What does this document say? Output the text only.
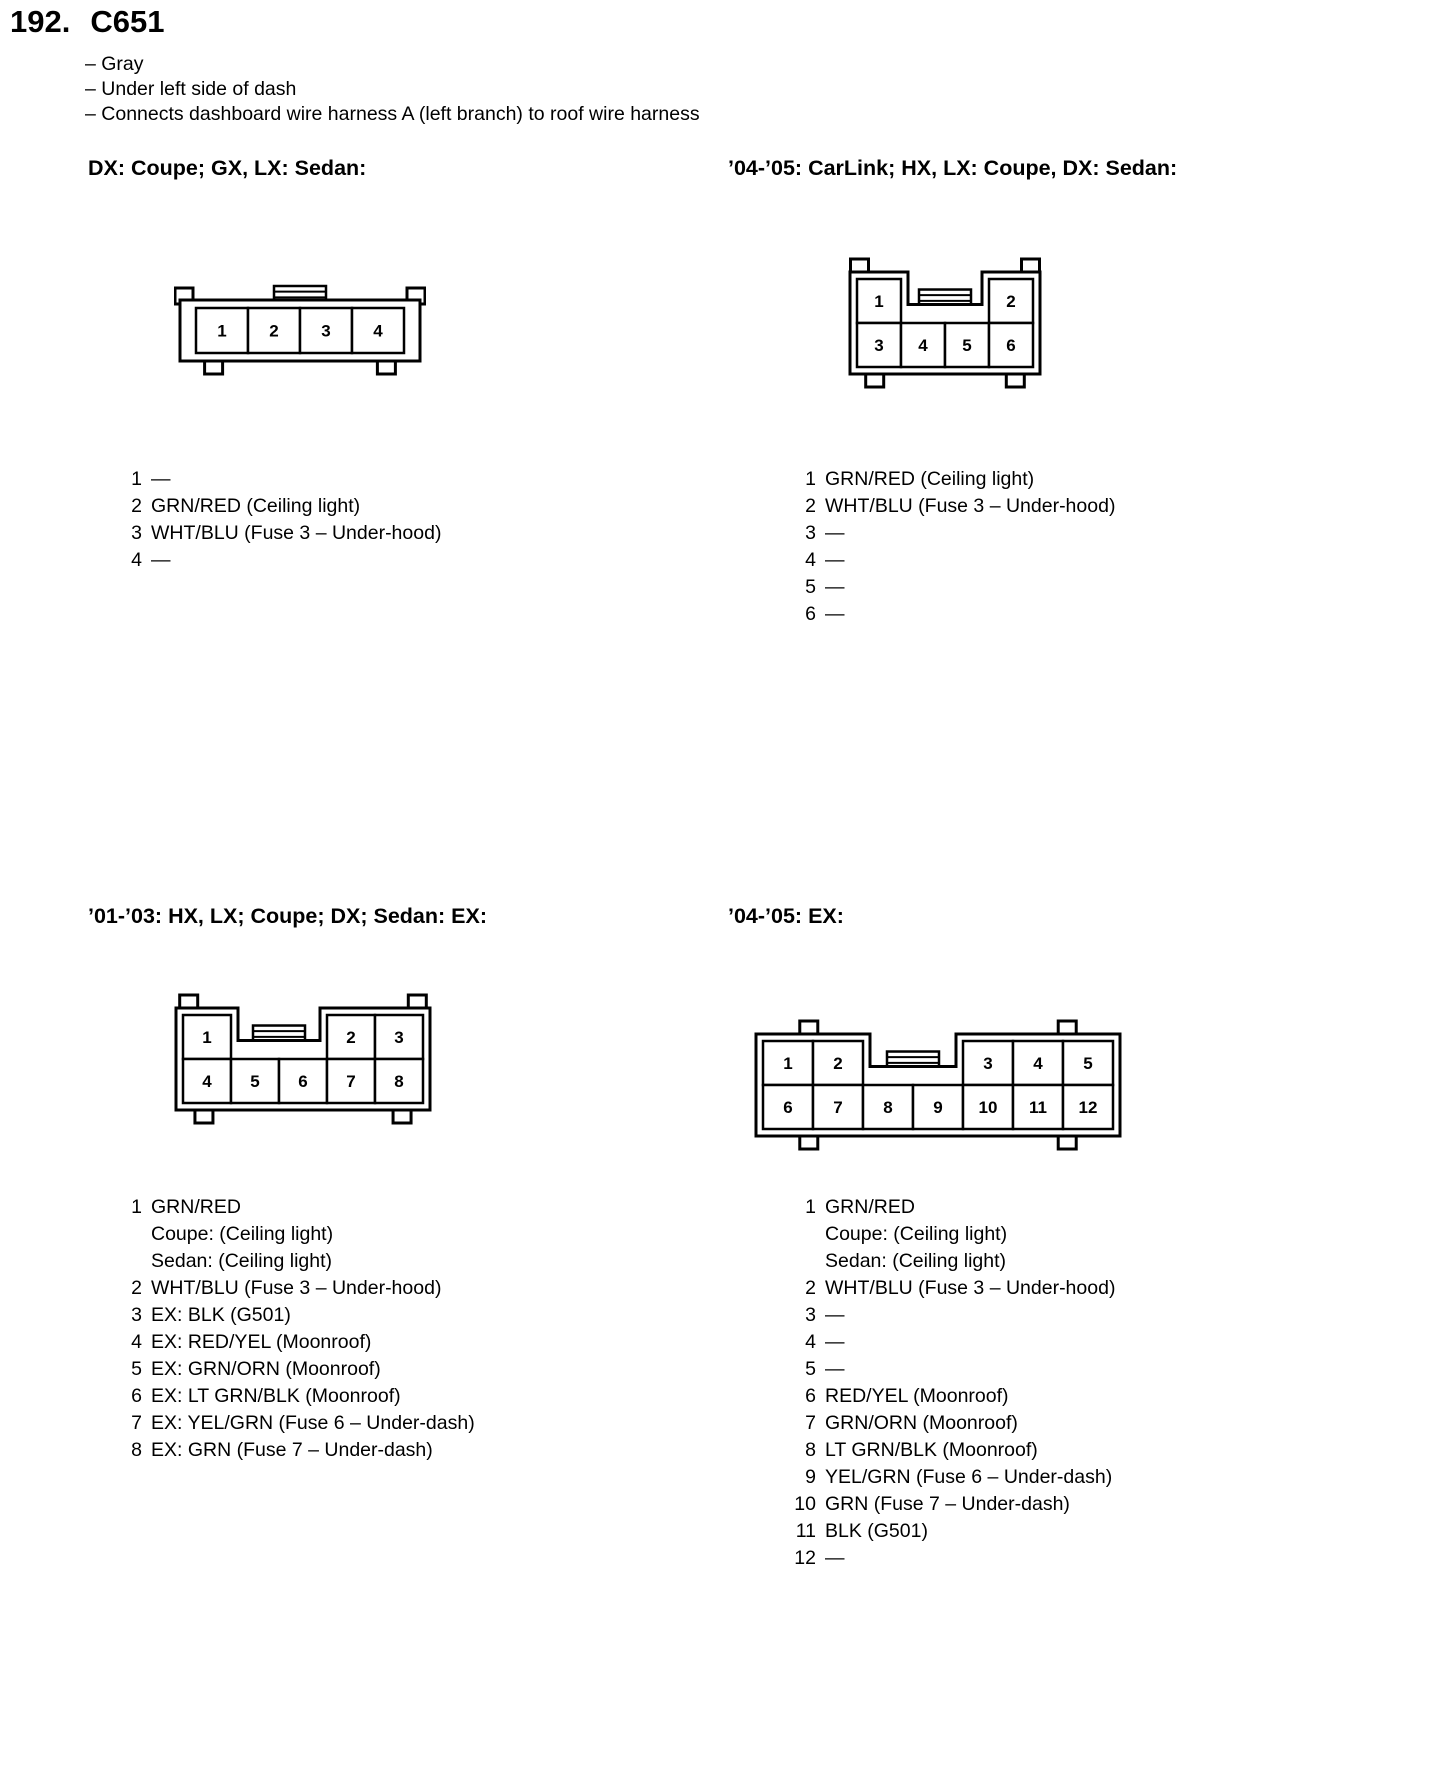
192. C651
– Gray
– Under left side of dash
– Connects dashboard wire harness A (left branch) to roof wire harness
DX: Coupe; GX, LX: Sedan:
1	2	3	4
1 —
2 GRN/RED (Ceiling light)
3 WHT/BLU (Fuse 3 – Under-hood)
4 —
’04-’05: CarLink; HX, LX: Coupe, DX: Sedan:
1	2
3 4 5 6
1 GRN/RED (Ceiling light)
2 WHT/BLU (Fuse 3 – Under-hood)
3 —
4 —
5 —
6 —
’01-’03: HX, LX; Coupe; DX; Sedan: EX:
1	2 3
4 5 6 7 8
1 GRN/RED
Coupe: (Ceiling light)
Sedan: (Ceiling light)
2 WHT/BLU (Fuse 3 – Under-hood)
3 EX: BLK (G501)
4 EX: RED/YEL (Moonroof)
5 EX: GRN/ORN (Moonroof)
6 EX: LT GRN/BLK (Moonroof)
7 EX: YEL/GRN (Fuse 6 – Under-dash)
8 EX: GRN (Fuse 7 – Under-dash)
’04-’05: EX:
1 2	3 4 5
6 7 8 9 10 11 12
1 GRN/RED
Coupe: (Ceiling light)
Sedan: (Ceiling light)
2 WHT/BLU (Fuse 3 – Under-hood)
3 —
4 —
5 —
6 RED/YEL (Moonroof)
7 GRN/ORN (Moonroof)
8 LT GRN/BLK (Moonroof)
9 YEL/GRN (Fuse 6 – Under-dash)
10 GRN (Fuse 7 – Under-dash)
11 BLK (G501)
12 —
